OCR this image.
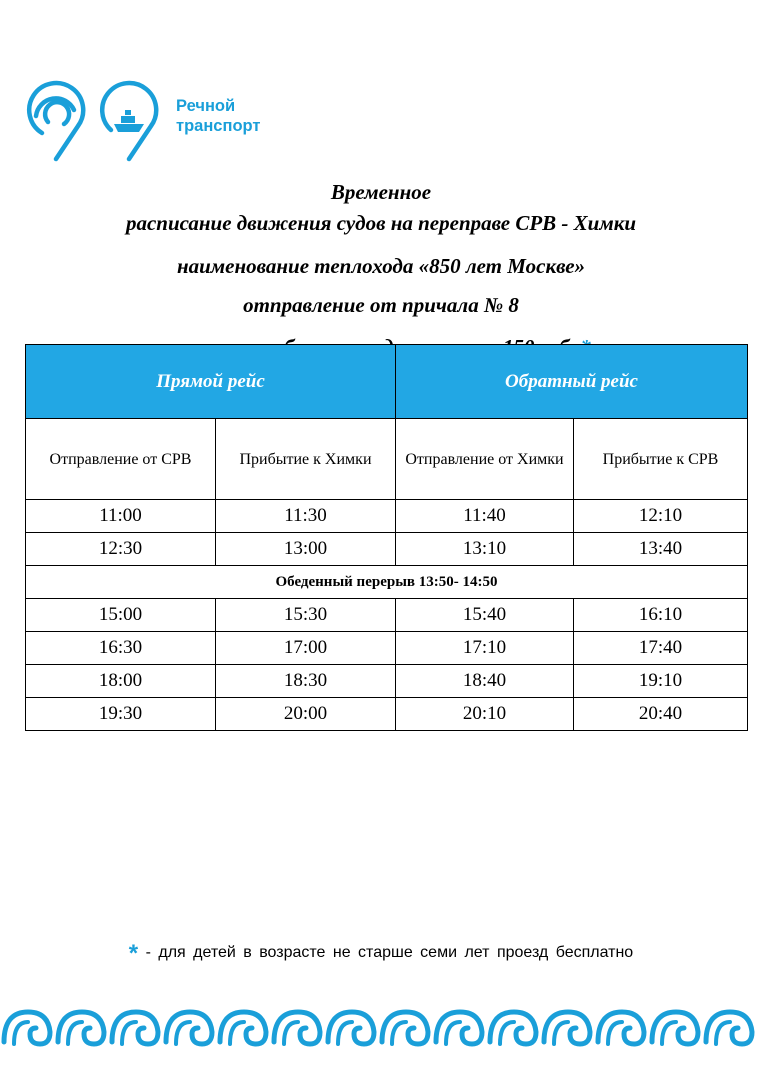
Речной
транспорт
Временное
расписание движения судов на переправе СРВ - Химки
наименование теплохода «850 лет Москве»
отправление от причала № 8
Прямой рейс		Обратный рейс	
Отправление от СРВ	Прибытие к Химки	Отправление от Химки	Прибытие к СРВ
11:00	11:30	11:40	12:10
12:30	13:00	13:10	13:40
Обеденный перерыв 13:50- 14:50			
15:00	15:30	15:40	16:10
16:30	17:00	17:10	17:40
18:00	18:30	18:40	19:10
19:30	20:00	20:10	20:40
* - для детей в возрасте не старше семи лет проезд бесплатно
